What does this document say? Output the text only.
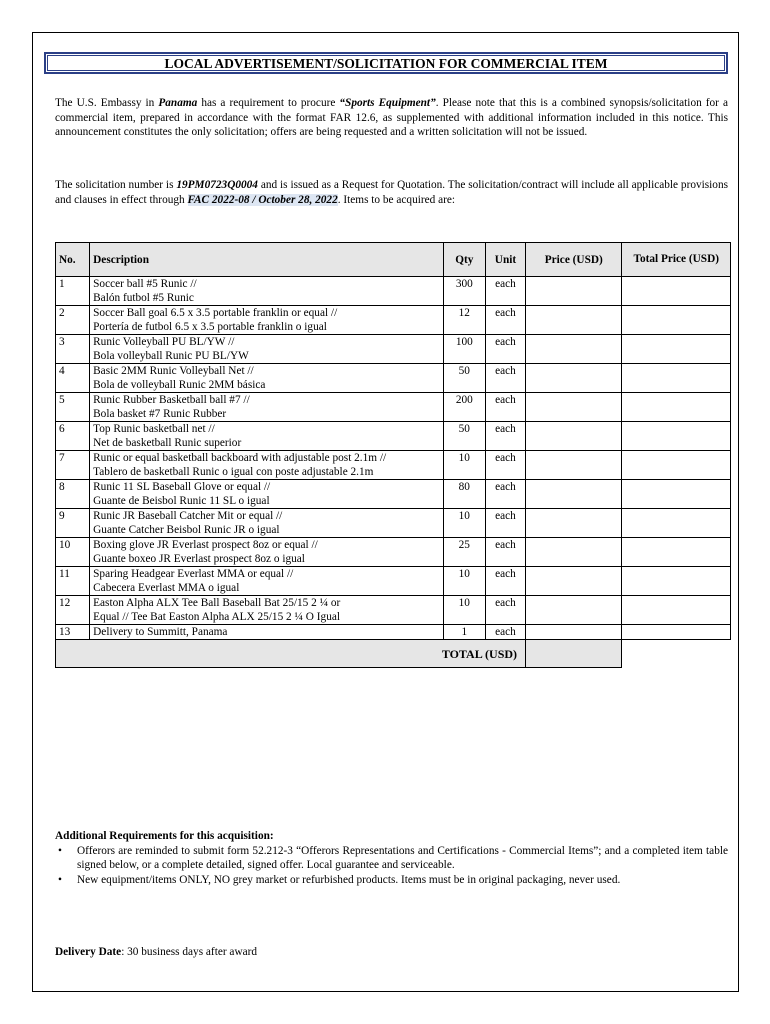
LOCAL ADVERTISEMENT/SOLICITATION FOR COMMERCIAL ITEM

The U.S. Embassy in Panama has a requirement to procure “Sports Equipment”. Please note that this is a combined synopsis/solicitation for a commercial item, prepared in accordance with the format FAR 12.6, as supplemented with additional information included in this notice. This announcement constitutes the only solicitation; offers are being requested and a written solicitation will not be issued.

The solicitation number is 19PM0723Q0004 and is issued as a Request for Quotation. The solicitation/contract will include all applicable provisions and clauses in effect through FAC 2022-08 / October 28, 2022. Items to be acquired are:

No.	Description	Qty	Unit	Price (USD)	Total Price (USD)
1	Soccer ball #5 Runic //
Balón futbol #5 Runic	300	each		
2	Soccer Ball goal 6.5 x 3.5 portable franklin or equal //
Portería de futbol 6.5 x 3.5 portable franklin o igual	12	each		
3	Runic Volleyball PU BL/YW //
Bola volleyball Runic PU BL/YW	100	each		
4	Basic 2MM Runic Volleyball Net //
Bola de volleyball Runic 2MM básica	50	each		
5	Runic Rubber Basketball ball #7 //
Bola basket #7 Runic Rubber	200	each		
6	Top Runic basketball net //
Net de basketball Runic superior	50	each		
7	Runic or equal basketball backboard with adjustable post 2.1m //
Tablero de basketball Runic o igual con poste adjustable 2.1m	10	each		
8	Runic 11 SL Baseball Glove or equal //
Guante de Beisbol Runic 11 SL o igual	80	each		
9	Runic JR Baseball Catcher Mit or equal //
Guante Catcher Beisbol Runic JR o igual	10	each		
10	Boxing glove JR Everlast prospect 8oz or equal //
Guante boxeo JR Everlast prospect 8oz o igual	25	each		
11	Sparing Headgear Everlast MMA or equal //
Cabecera Everlast MMA o igual	10	each		
12	Easton Alpha ALX Tee Ball Baseball Bat 25/15 2 ¼ or
Equal // Tee Bat Easton Alpha ALX 25/15 2 ¼ O Igual	10	each		
13	Delivery to Summitt, Panama	1	each		
TOTAL (USD)					
Additional Requirements for this acquisition:
• Offerors are reminded to submit form 52.212-3 “Offerors Representations and Certifications - Commercial Items”; and a completed item table signed below, or a complete detailed, signed offer. Local guarantee and serviceable.
• New equipment/items ONLY, NO grey market or refurbished products. Items must be in original packaging, never used.
Delivery Date: 30 business days after award
